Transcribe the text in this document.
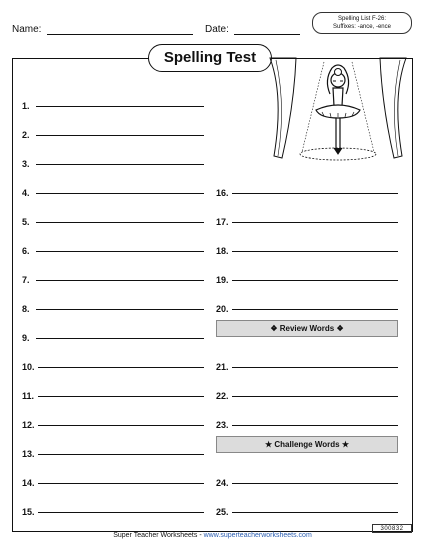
Name:	Date:
Spelling List F-26:
Suffixes: -ance, -ence
Spelling Test
1.
2.
3.
4.
5.
6.
7.
8.
9.
10.
11.
12.
13.
14.
15.
16.
17.
18.
19.
20.
❖ Review Words ❖
21.
22.
23.
★ Challenge Words ★
24.
25.
300832
Super Teacher Worksheets - www.superteacherworksheets.com
